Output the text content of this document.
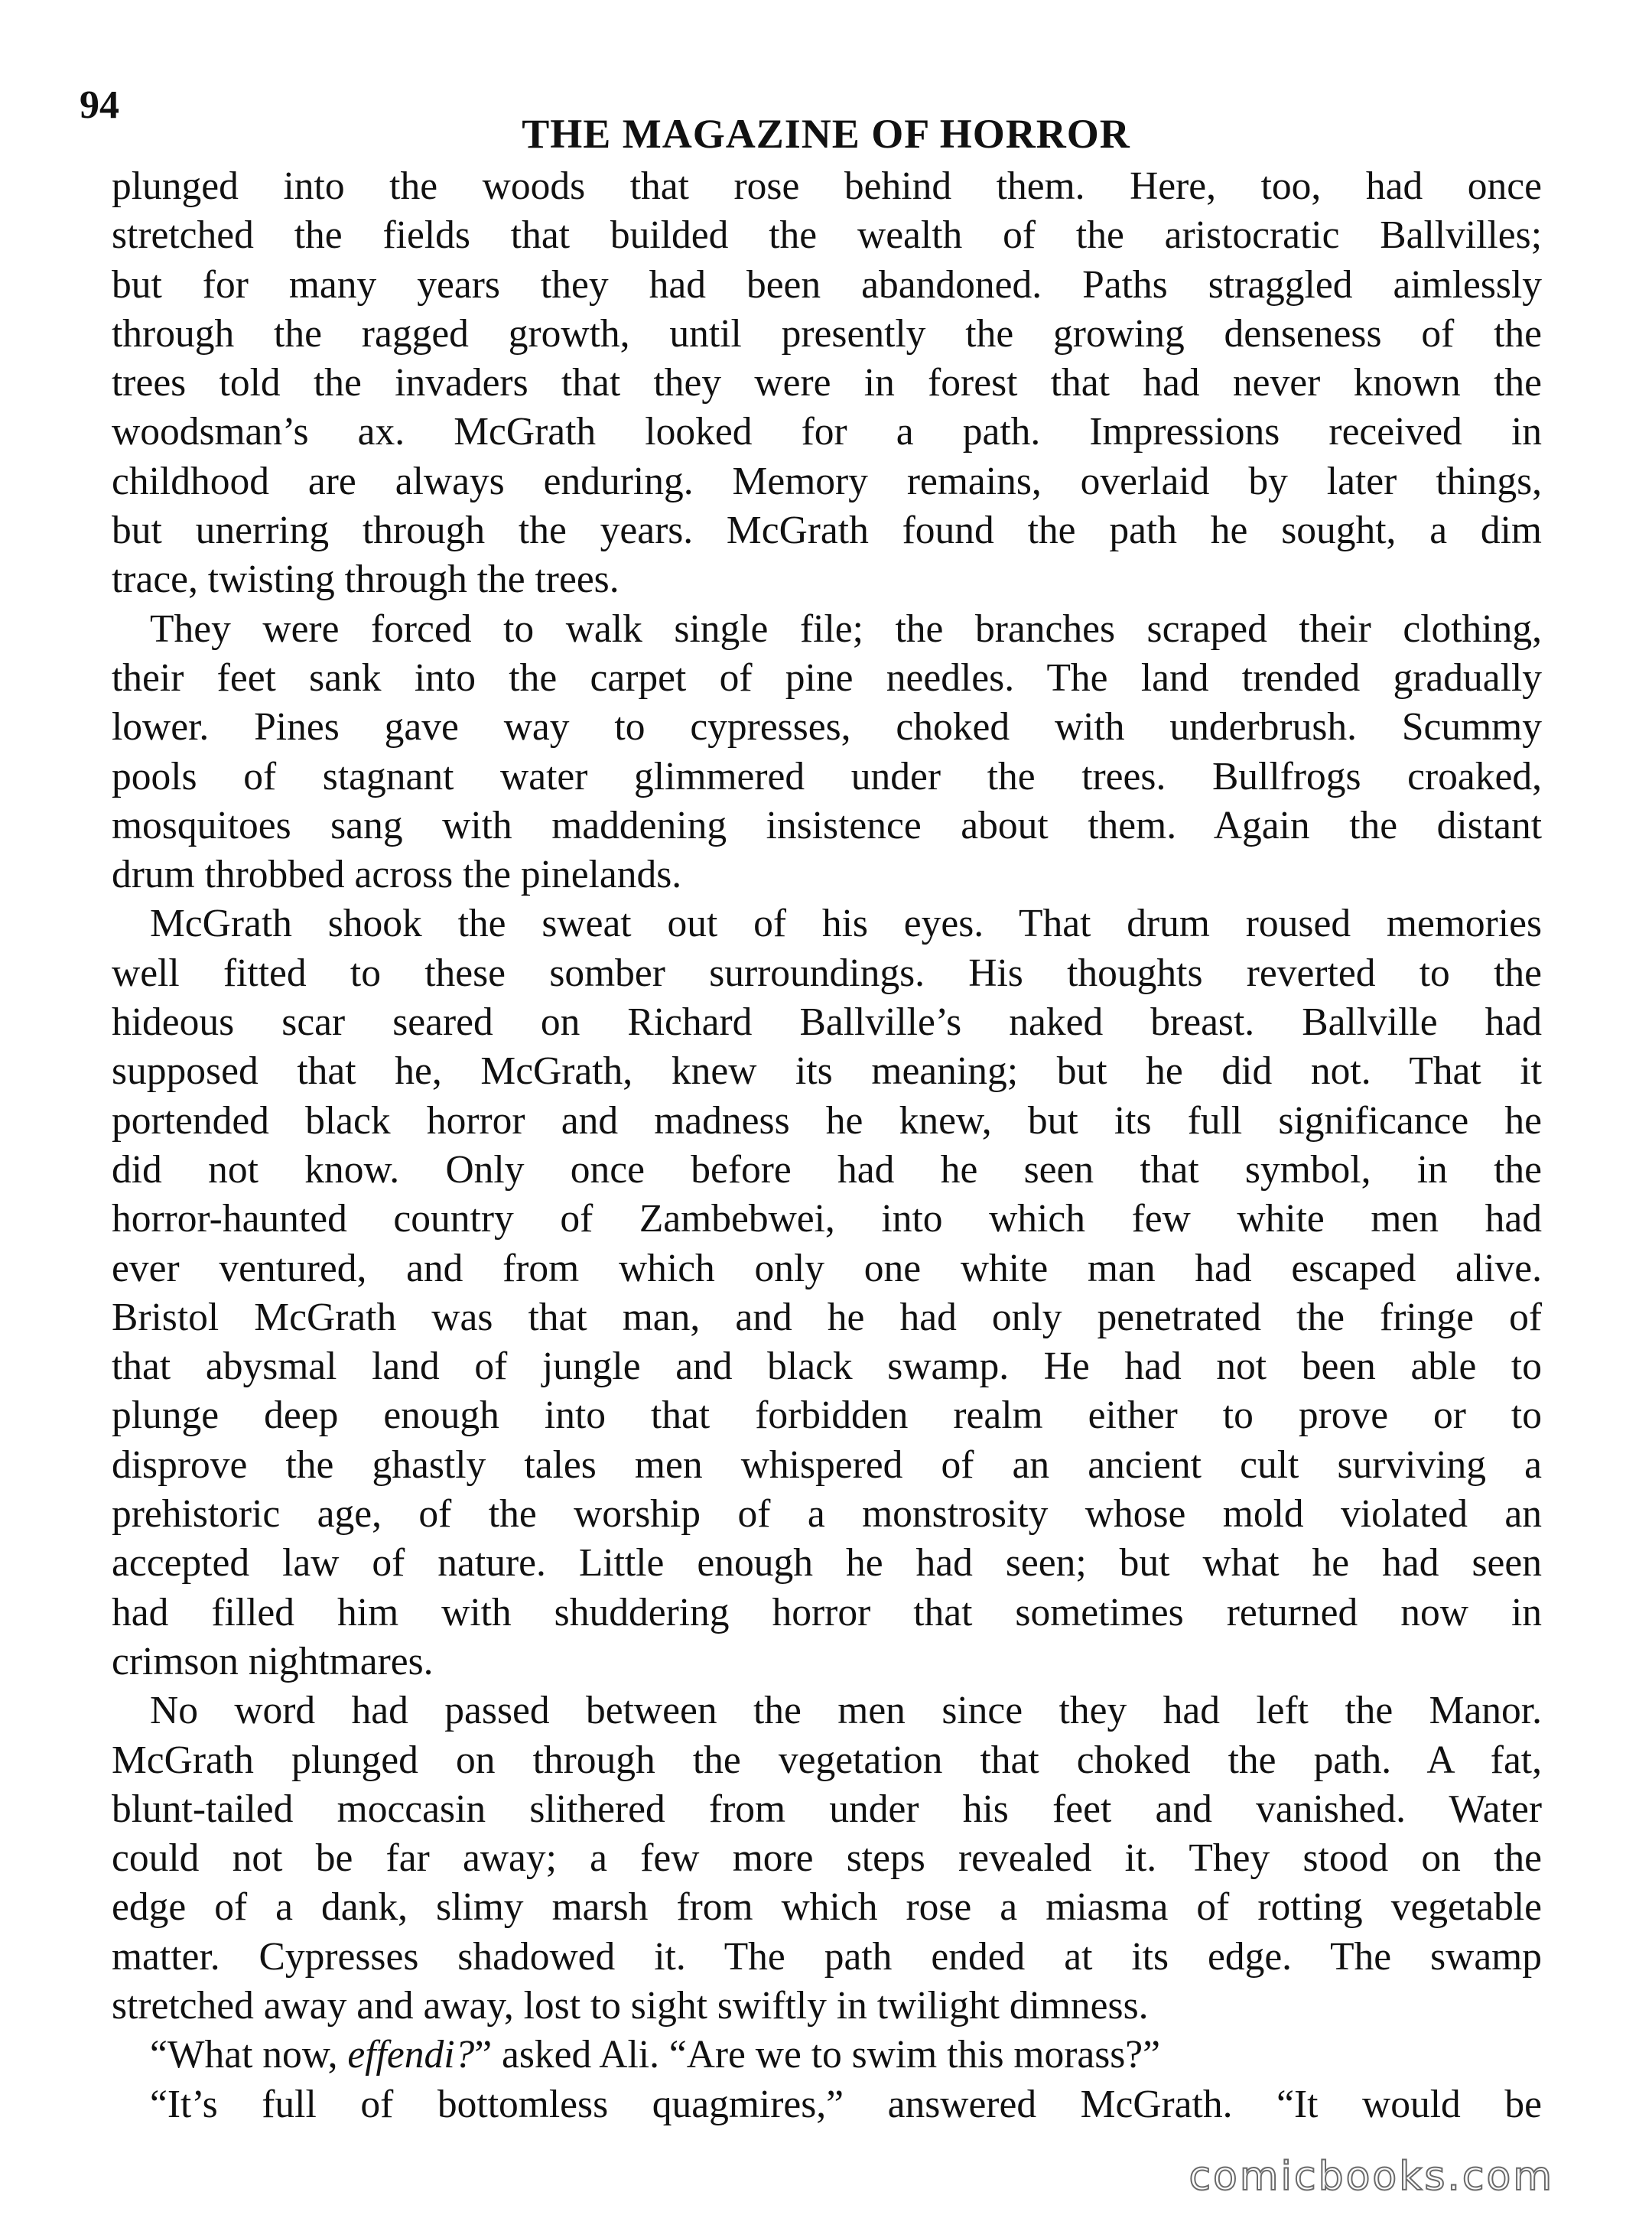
94
THE MAGAZINE OF HORROR
plunged into the woods that rose behind them. Here, too, had once
stretched the fields that builded the wealth of the aristocratic Ballvilles;
but for many years they had been abandoned. Paths straggled aimlessly
through the ragged growth, until presently the growing denseness of the
trees told the invaders that they were in forest that had never known the
woodsman’s ax. McGrath looked for a path. Impressions received in
childhood are always enduring. Memory remains, overlaid by later things,
but unerring through the years. McGrath found the path he sought, a dim
trace, twisting through the trees.
They were forced to walk single file; the branches scraped their clothing,
their feet sank into the carpet of pine needles. The land trended gradually
lower. Pines gave way to cypresses, choked with underbrush. Scummy
pools of stagnant water glimmered under the trees. Bullfrogs croaked,
mosquitoes sang with maddening insistence about them. Again the distant
drum throbbed across the pinelands.
McGrath shook the sweat out of his eyes. That drum roused memories
well fitted to these somber surroundings. His thoughts reverted to the
hideous scar seared on Richard Ballville’s naked breast. Ballville had
supposed that he, McGrath, knew its meaning; but he did not. That it
portended black horror and madness he knew, but its full significance he
did not know. Only once before had he seen that symbol, in the
horror-haunted country of Zambebwei, into which few white men had
ever ventured, and from which only one white man had escaped alive.
Bristol McGrath was that man, and he had only penetrated the fringe of
that abysmal land of jungle and black swamp. He had not been able to
plunge deep enough into that forbidden realm either to prove or to
disprove the ghastly tales men whispered of an ancient cult surviving a
prehistoric age, of the worship of a monstrosity whose mold violated an
accepted law of nature. Little enough he had seen; but what he had seen
had filled him with shuddering horror that sometimes returned now in
crimson nightmares.
No word had passed between the men since they had left the Manor.
McGrath plunged on through the vegetation that choked the path. A fat,
blunt-tailed moccasin slithered from under his feet and vanished. Water
could not be far away; a few more steps revealed it. They stood on the
edge of a dank, slimy marsh from which rose a miasma of rotting vegetable
matter. Cypresses shadowed it. The path ended at its edge. The swamp
stretched away and away, lost to sight swiftly in twilight dimness.
“What now, effendi?” asked Ali. “Are we to swim this morass?”
“It’s full of bottomless quagmires,” answered McGrath. “It would be
comicbooks.com
